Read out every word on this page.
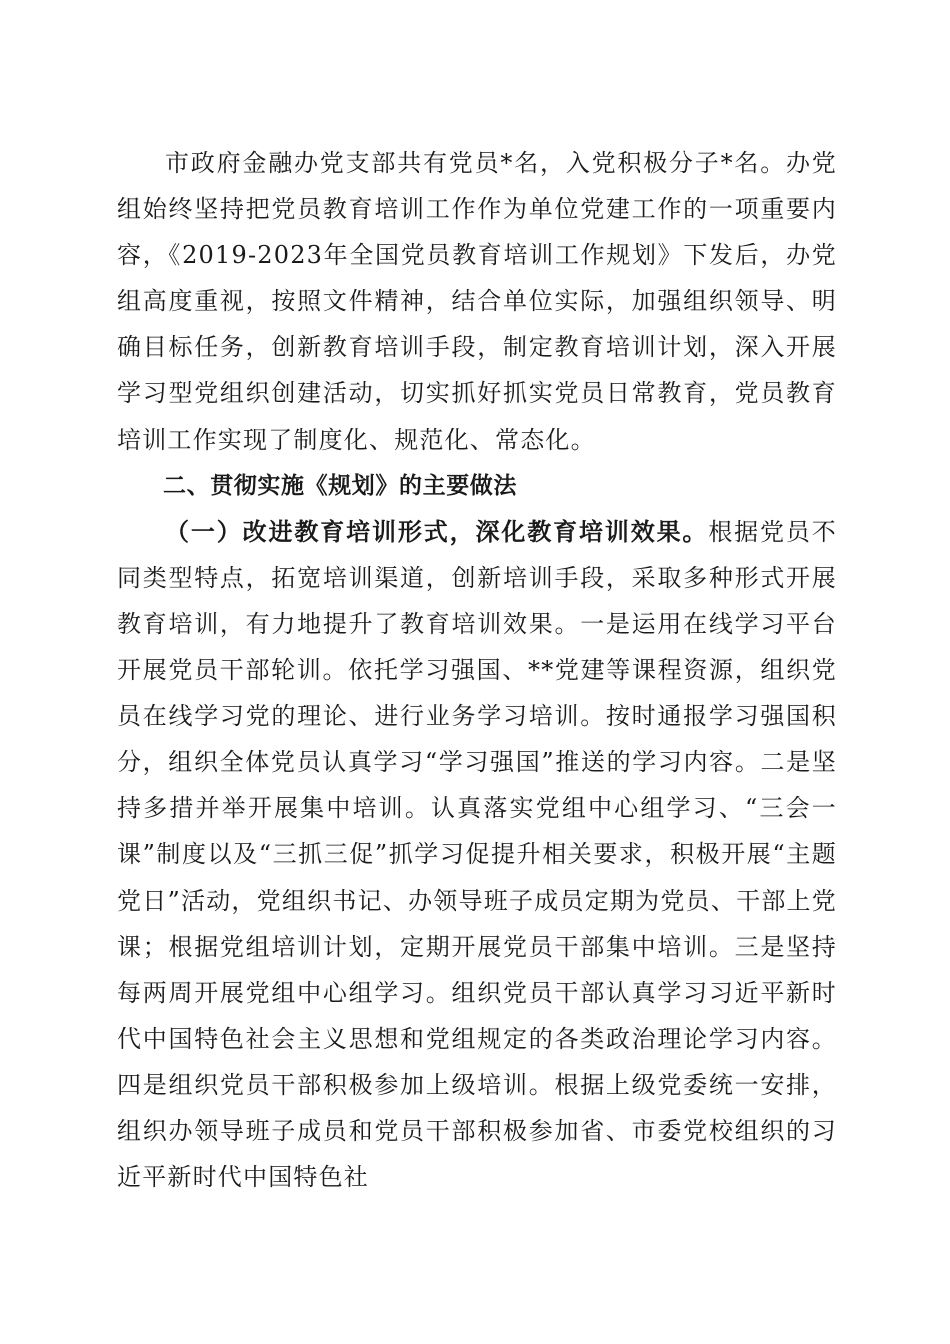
市政府金融办党支部共有党员*名，入党积极分子*名。办党组始终坚持把党员教育培训工作作为单位党建工作的一项重要内容，《2019-2023年全国党员教育培训工作规划》下发后，办党组高度重视，按照文件精神，结合单位实际，加强组织领导、明确目标任务，创新教育培训手段，制定教育培训计划，深入开展学习型党组织创建活动，切实抓好抓实党员日常教育，党员教育培训工作实现了制度化、规范化、常态化。

二、贯彻实施《规划》的主要做法

（一）改进教育培训形式，深化教育培训效果。根据党员不同类型特点，拓宽培训渠道，创新培训手段，采取多种形式开展教育培训，有力地提升了教育培训效果。一是运用在线学习平台开展党员干部轮训。依托学习强国、**党建等课程资源，组织党员在线学习党的理论、进行业务学习培训。按时通报学习强国积分，组织全体党员认真学习“学习强国”推送的学习内容。二是坚持多措并举开展集中培训。认真落实党组中心组学习、“三会一课”制度以及“三抓三促”抓学习促提升相关要求，积极开展“主题党日”活动，党组织书记、办领导班子成员定期为党员、干部上党课；根据党组培训计划，定期开展党员干部集中培训。三是坚持每两周开展党组中心组学习。组织党员干部认真学习习近平新时代中国特色社会主义思想和党组规定的各类政治理论学习内容。四是组织党员干部积极参加上级培训。根据上级党委统一安排，组织办领导班子成员和党员干部积极参加省、市委党校组织的习近平新时代中国特色社
